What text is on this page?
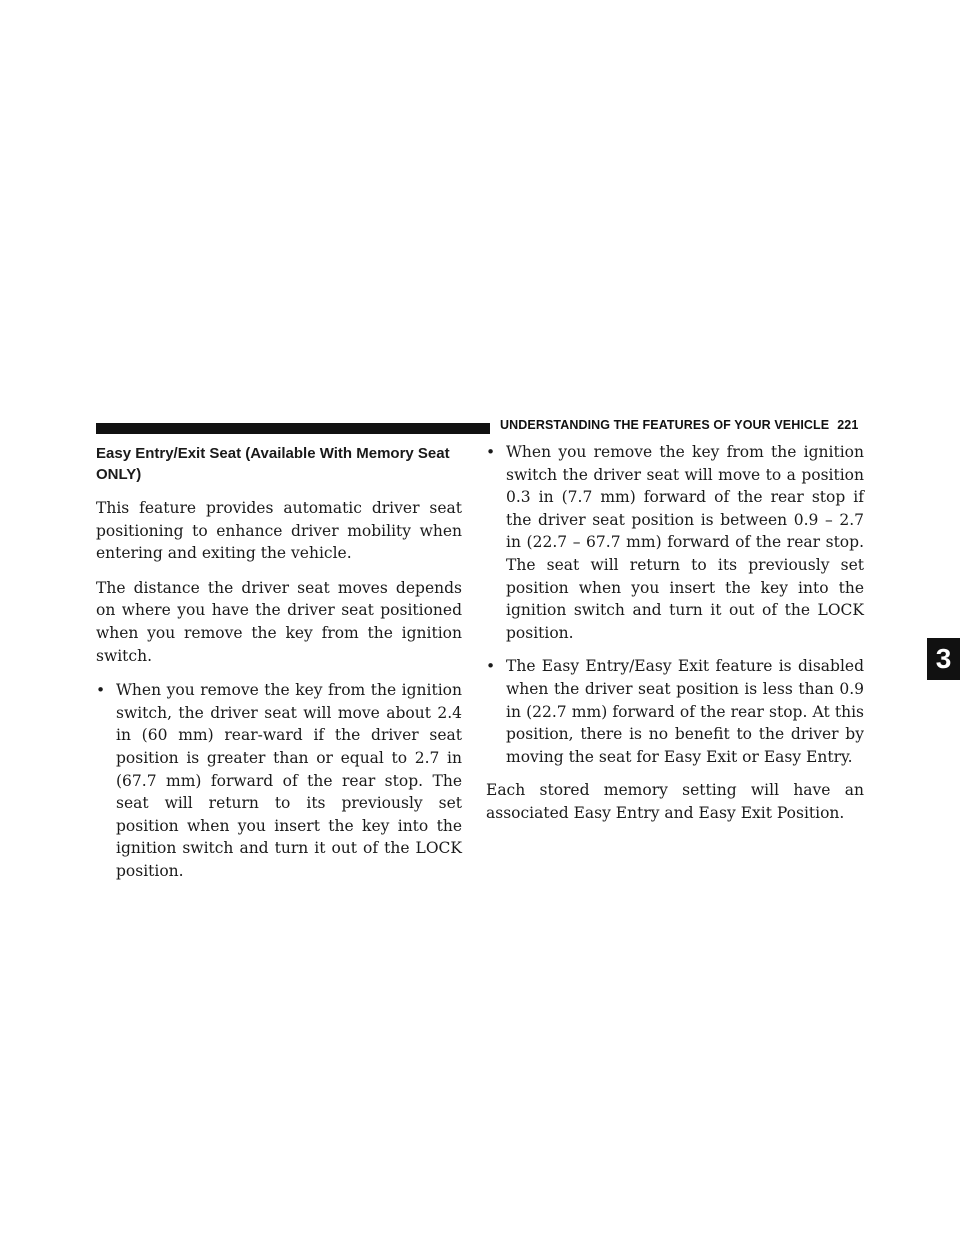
UNDERSTANDING THE FEATURES OF YOUR VEHICLE 221
3
Easy Entry/Exit Seat (Available With Memory Seat ONLY)

This feature provides automatic driver seat positioning to enhance driver mobility when entering and exiting the vehicle.

The distance the driver seat moves depends on where you have the driver seat positioned when you remove the key from the ignition switch.

• When you remove the key from the ignition switch, the driver seat will move about 2.4 in (60 mm) rear-ward if the driver seat position is greater than or equal to 2.7 in (67.7 mm) forward of the rear stop. The seat will return to its previously set position when you insert the key into the ignition switch and turn it out of the LOCK position.
• When you remove the key from the ignition switch the driver seat will move to a position 0.3 in (7.7 mm) forward of the rear stop if the driver seat position is between 0.9 – 2.7 in (22.7 – 67.7 mm) forward of the rear stop. The seat will return to its previously set position when you insert the key into the ignition switch and turn it out of the LOCK position.
• The Easy Entry/Easy Exit feature is disabled when the driver seat position is less than 0.9 in (22.7 mm) forward of the rear stop. At this position, there is no benefit to the driver by moving the seat for Easy Exit or Easy Entry.

Each stored memory setting will have an associated Easy Entry and Easy Exit Position.
